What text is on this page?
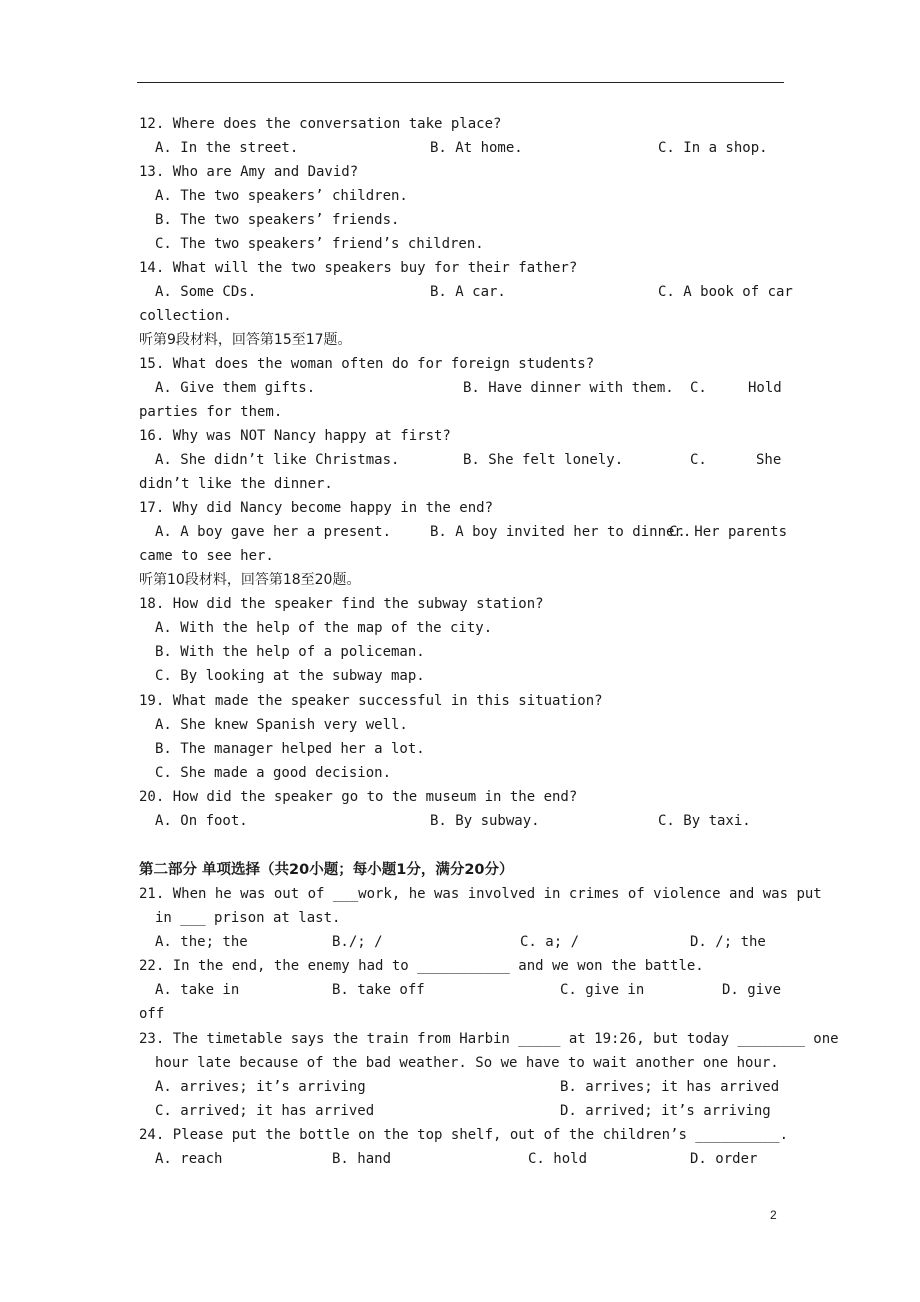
12. Where does the conversation take place?

A. In the street.

	B. At home.

	C. In a shop.

13. Who are Amy and David?
A. The two speakers’ children.
B. The two speakers’ friends.
C. The two speakers’ friend’s children.
14. What will the two speakers buy for their father?

A. Some CDs.

	B. A car.

	C. A book of car

collection.
听第9段材料，回答第15至17题。
15. What does the woman often do for foreign students?

A. Give them gifts.

	B. Have dinner with them.

C.

	Hold

parties for them.
16. Why was NOT Nancy happy at first?

A. She didn’t like Christmas.

	B. She felt lonely.

	C.

	She

didn’t like the dinner.
17. Why did Nancy become happy in the end?

A. A boy gave her a present.

	B. A boy invited her to dinner.

C. Her parents

came to see her.
听第10段材料，回答第18至20题。
18. How did the speaker find the subway station?
A. With the help of the map of the city.
B. With the help of a policeman.
C. By looking at the subway map.
19. What made the speaker successful in this situation?
A. She knew Spanish very well.
B. The manager helped her a lot.
C. She made a good decision.
20. How did the speaker go to the museum in the end?

A. On foot.

	B. By subway.

	C. By taxi.

第二部分 单项选择（共20小题；每小题1分，满分20分）
21. When he was out of ___work, he was involved in crimes of violence and was put
in ___ prison at last.

A. the; the

	B./; /

	C. a; /

	D. /; the

22. In the end, the enemy had to ___________ and we won the battle.

A. take in

	B. take off

	C. give in

	D. give

off
23. The timetable says the train from Harbin _____ at 19:26, but today ________ one
hour late because of the bad weather. So we have to wait another one hour.

A. arrives; it’s arriving

	B. arrives; it has arrived

C. arrived; it has arrived

	D. arrived; it’s arriving

24. Please put the bottle on the top shelf, out of the children’s __________.

A. reach

	B. hand

	C. hold

	D. order

2
